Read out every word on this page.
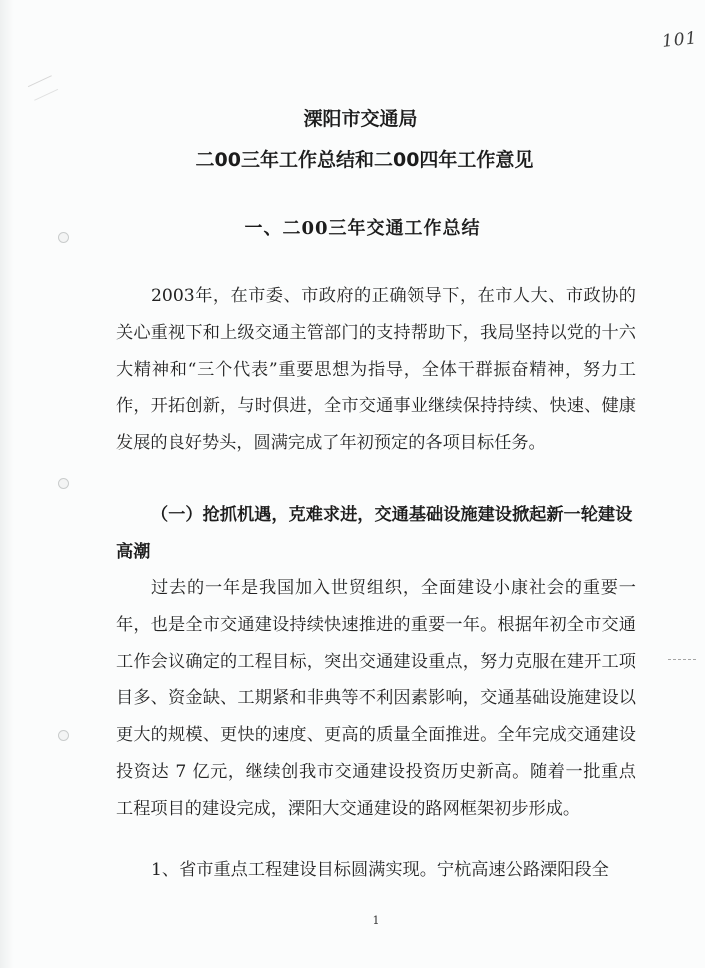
101
溧阳市交通局
二00三年工作总结和二00四年工作意见
一、二00三年交通工作总结

2003年，在市委、市政府的正确领导下，在市人大、市政协的关心重视下和上级交通主管部门的支持帮助下，我局坚持以党的十六大精神和“三个代表”重要思想为指导，全体干群振奋精神，努力工作，开拓创新，与时俱进，全市交通事业继续保持持续、快速、健康发展的良好势头，圆满完成了年初预定的各项目标任务。

（一）抢抓机遇，克难求进，交通基础设施建设掀起新一轮建设高潮

过去的一年是我国加入世贸组织，全面建设小康社会的重要一年，也是全市交通建设持续快速推进的重要一年。根据年初全市交通工作会议确定的工程目标，突出交通建设重点，努力克服在建开工项目多、资金缺、工期紧和非典等不利因素影响，交通基础设施建设以更大的规模、更快的速度、更高的质量全面推进。全年完成交通建设投资达 7 亿元，继续创我市交通建设投资历史新高。随着一批重点工程项目的建设完成，溧阳大交通建设的路网框架初步形成。

1、省市重点工程建设目标圆满实现。宁杭高速公路溧阳段全

1
